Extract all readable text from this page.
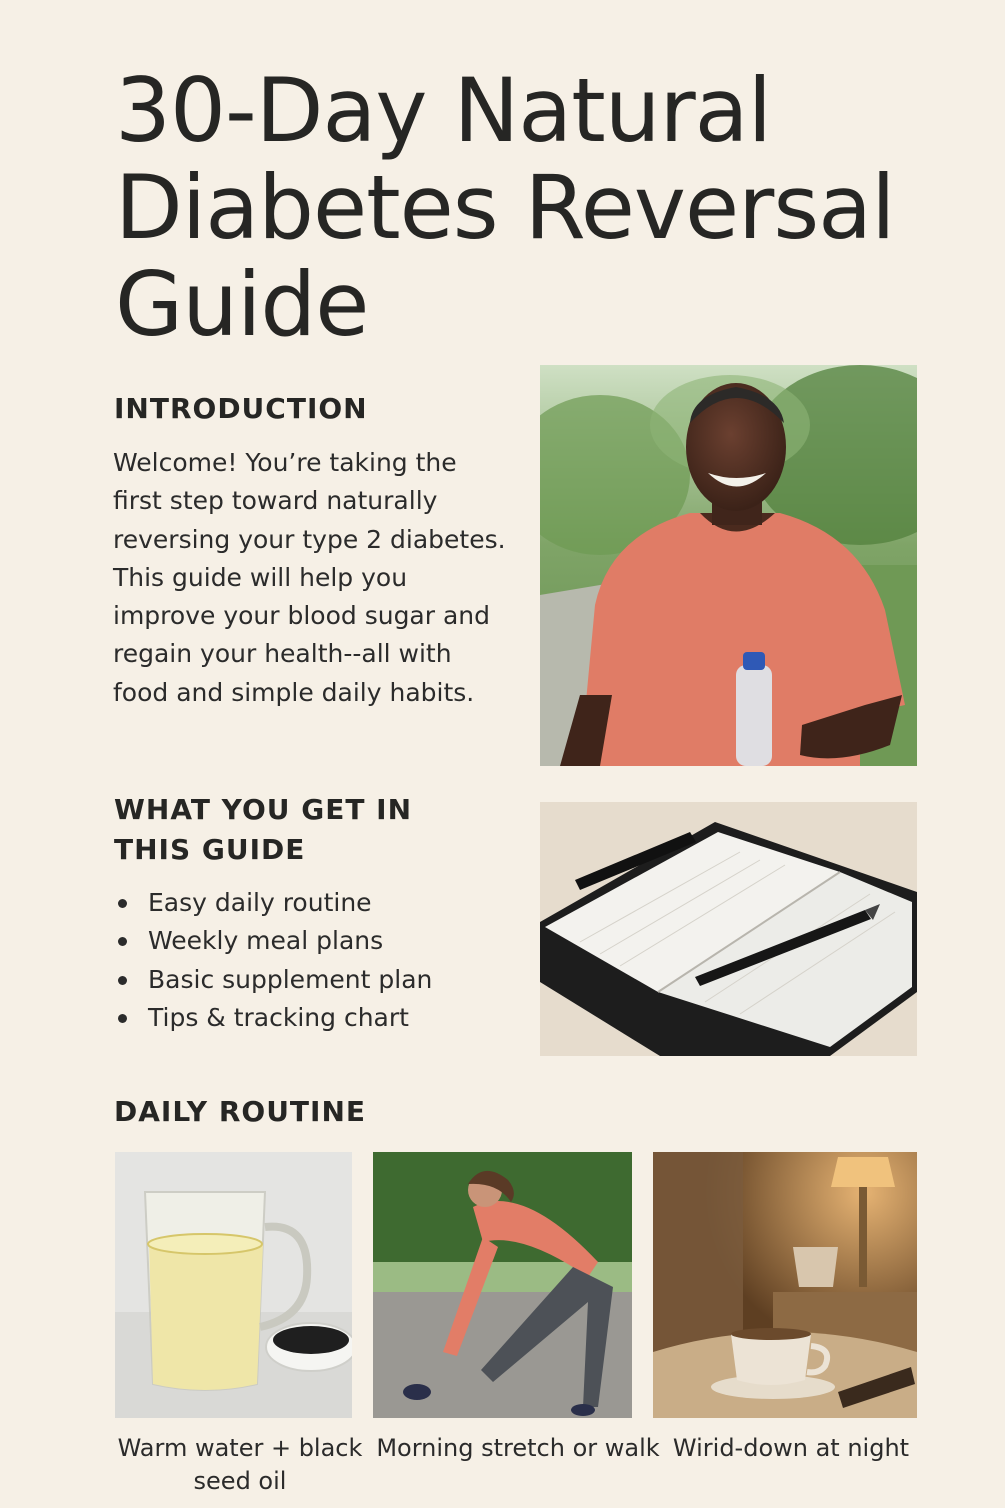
30-Day Natural Diabetes Reversal Guide
INTRODUCTION

Welcome! You’re taking the first step toward naturally reversing your type 2 diabetes. This guide will help you improve your blood sugar and regain your health--all with food and simple daily habits.

WHAT YOU GET IN THIS GUIDE
Easy daily routine
Weekly meal plans
Basic supplement plan
Tips & tracking chart
DAILY ROUTINE
Warm water + black seed oil
Morning stretch or walk Wirid-down at night
